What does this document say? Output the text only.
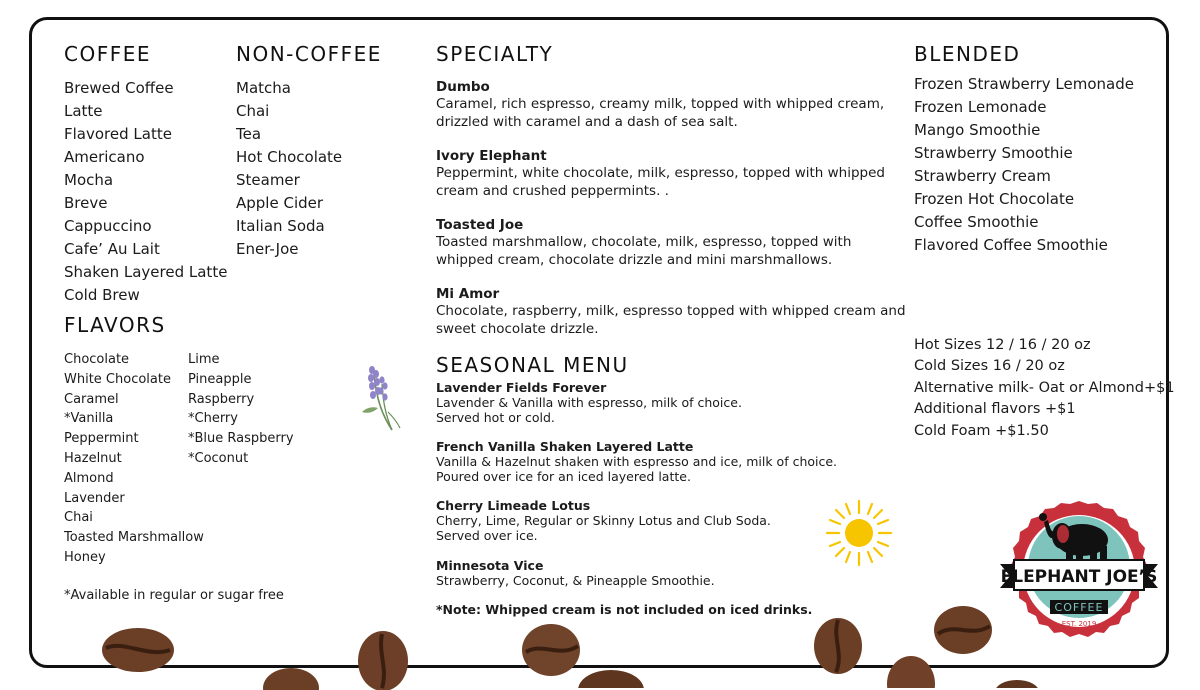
COFFEE
Brewed Coffee
Latte
Flavored Latte
Americano
Mocha
Breve
Cappuccino
Cafe’ Au Lait
Shaken Layered Latte
Cold Brew
NON-COFFEE
Matcha
Chai
Tea
Hot Chocolate
Steamer
Apple Cider
Italian Soda
Ener-Joe
FLAVORS
Chocolate
White Chocolate
Caramel
*Vanilla
Peppermint
Hazelnut
Almond
Lavender
Chai
Toasted Marshmallow
Honey
Lime
Pineapple
Raspberry
*Cherry
*Blue Raspberry
*Coconut
*Available in regular or sugar free
SPECIALTY
Dumbo
Caramel, rich espresso, creamy milk, topped with whipped cream, drizzled with caramel and a dash of sea salt.
Ivory Elephant
Peppermint, white chocolate, milk, espresso, topped with whipped cream and crushed peppermints. .
Toasted Joe
Toasted marshmallow, chocolate, milk, espresso, topped with whipped cream, chocolate drizzle and mini marshmallows.
Mi Amor
Chocolate, raspberry, milk, espresso topped with whipped cream and sweet chocolate drizzle.
SEASONAL MENU
Lavender Fields Forever
Lavender & Vanilla with espresso, milk of choice.
Served hot or cold.
French Vanilla Shaken Layered Latte
Vanilla & Hazelnut shaken with espresso and ice, milk of choice.
Poured over ice for an iced layered latte.
Cherry Limeade Lotus
Cherry, Lime, Regular or Skinny Lotus and Club Soda.
Served over ice.
Minnesota Vice
Strawberry, Coconut, & Pineapple Smoothie.
*Note: Whipped cream is not included on iced drinks.
BLENDED
Frozen Strawberry Lemonade
Frozen Lemonade
Mango Smoothie
Strawberry Smoothie
Strawberry Cream
Frozen Hot Chocolate
Coffee Smoothie
Flavored Coffee Smoothie
Hot Sizes 12 / 16 / 20 oz
Cold Sizes 16 / 20 oz
Alternative milk- Oat or Almond+$1
Additional flavors +$1
Cold Foam +$1.50
ELEPHANT JOE’S
COFFEE
EST. 2019
